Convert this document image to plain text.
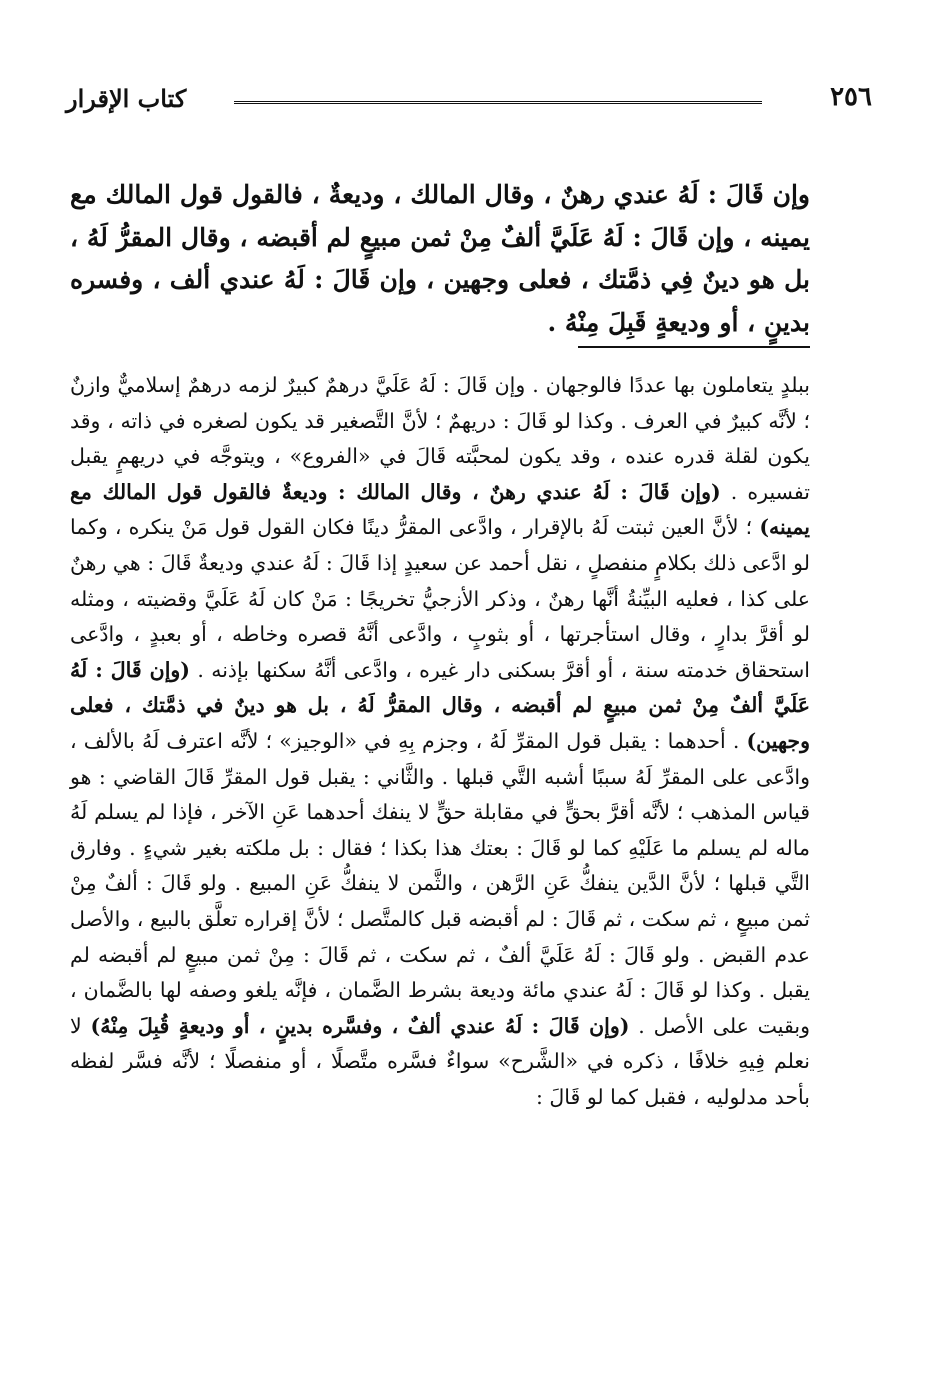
كتاب الإقرار	٢٥٦
وإن قَالَ : لَهُ عندي رهنٌ ، وقال المالك ، وديعةٌ ، فالقول قول المالك مع يمينه ، وإن قَالَ : لَهُ عَلَيَّ ألفٌ مِنْ ثمن مبيعٍ لم أقبضه ، وقال المقرُّ لَهُ ، بل هو دينٌ فِي ذمَّتك ، فعلى وجهين ، وإن قَالَ : لَهُ عندي ألف ، وفسره بدينٍ ، أو وديعةٍ قَبِلَ مِنْهُ .

ببلدٍ يتعاملون بها عددًا فالوجهان . وإن قَالَ : لَهُ عَلَيَّ درهمٌ كبيرٌ لزمه درهمٌ إسلاميٌّ وازنٌ ؛ لأنَّه كبيرٌ في العرف . وكذا لو قَالَ : دريهمٌ ؛ لأنَّ التَّصغير قد يكون لصغره في ذاته ، وقد يكون لقلة قدره عنده ، وقد يكون لمحبَّته قَالَ في «الفروع» ، ويتوجَّه في دريهمٍ يقبل تفسيره . (وإن قَالَ : لَهُ عندي رهنٌ ، وقال المالك : وديعةٌ فالقول قول المالك مع يمينه) ؛ لأنَّ العين ثبتت لَهُ بالإقرار ، وادَّعى المقرُّ دينًا فكان القول قول مَنْ ينكره ، وكما لو ادَّعى ذلك بكلامٍ منفصلٍ ، نقل أحمد عن سعيدٍ إذا قَالَ : لَهُ عندي وديعةٌ قَالَ : هي رهنٌ على كذا ، فعليه البيِّنةُ أنَّها رهنٌ ، وذكر الأزجيُّ تخريجًا : مَنْ كان لَهُ عَلَيَّ وقضيته ، ومثله لو أقرَّ بدارٍ ، وقال استأجرتها ، أو بثوبٍ ، وادَّعى أنَّهُ قصره وخاطه ، أو بعبدٍ ، وادَّعى استحقاق خدمته سنة ، أو أقرَّ بسكنى دار غيره ، وادَّعى أنَّهُ سكنها بإذنه . (وإن قَالَ : لَهُ عَلَيَّ ألفٌ مِنْ ثمن مبيعٍ لم أقبضه ، وقال المقرُّ لَهُ ، بل هو دينٌ في ذمَّتك ، فعلى وجهين) . أحدهما : يقبل قول المقرِّ لَهُ ، وجزم بِهِ في «الوجيز» ؛ لأنَّه اعترف لَهُ بالألف ، وادَّعى على المقرِّ لَهُ سببًا أشبه التَّي قبلها . والثَّاني : يقبل قول المقرِّ قَالَ القاضي : هو قياس المذهب ؛ لأنَّه أقرَّ بحقٍّ في مقابلة حقٍّ لا ينفك أحدهما عَنِ الآخر ، فإذا لم يسلم لَهُ ماله لم يسلم ما عَلَيْهِ كما لو قَالَ : بعتك هذا بكذا ؛ فقال : بل ملكته بغير شيءٍ . وفارق التَّي قبلها ؛ لأنَّ الدَّين ينفكُّ عَنِ الرَّهن ، والثَّمن لا ينفكُّ عَنِ المبيع . ولو قَالَ : ألفٌ مِنْ ثمن مبيعٍ ، ثم سكت ، ثم قَالَ : لم أقبضه قبل كالمتَّصل ؛ لأنَّ إقراره تعلَّق بالبيع ، والأصل عدم القبض . ولو قَالَ : لَهُ عَلَيَّ ألفٌ ، ثم سكت ، ثم قَالَ : مِنْ ثمن مبيعٍ لم أقبضه لم يقبل . وكذا لو قَالَ : لَهُ عندي مائة وديعة بشرط الضَّمان ، فإنَّه يلغو وصفه لها بالضَّمان ، وبقيت على الأصل . (وإن قَالَ : لَهُ عندي ألفٌ ، وفسَّره بدينٍ ، أو وديعةٍ قُبِلَ مِنْهُ) لا نعلم فِيهِ خلافًا ، ذكره في «الشَّرح» سواءٌ فسَّره متَّصلًا ، أو منفصلًا ؛ لأنَّه فسَّر لفظه بأحد مدلوليه ، فقبل كما لو قَالَ :
